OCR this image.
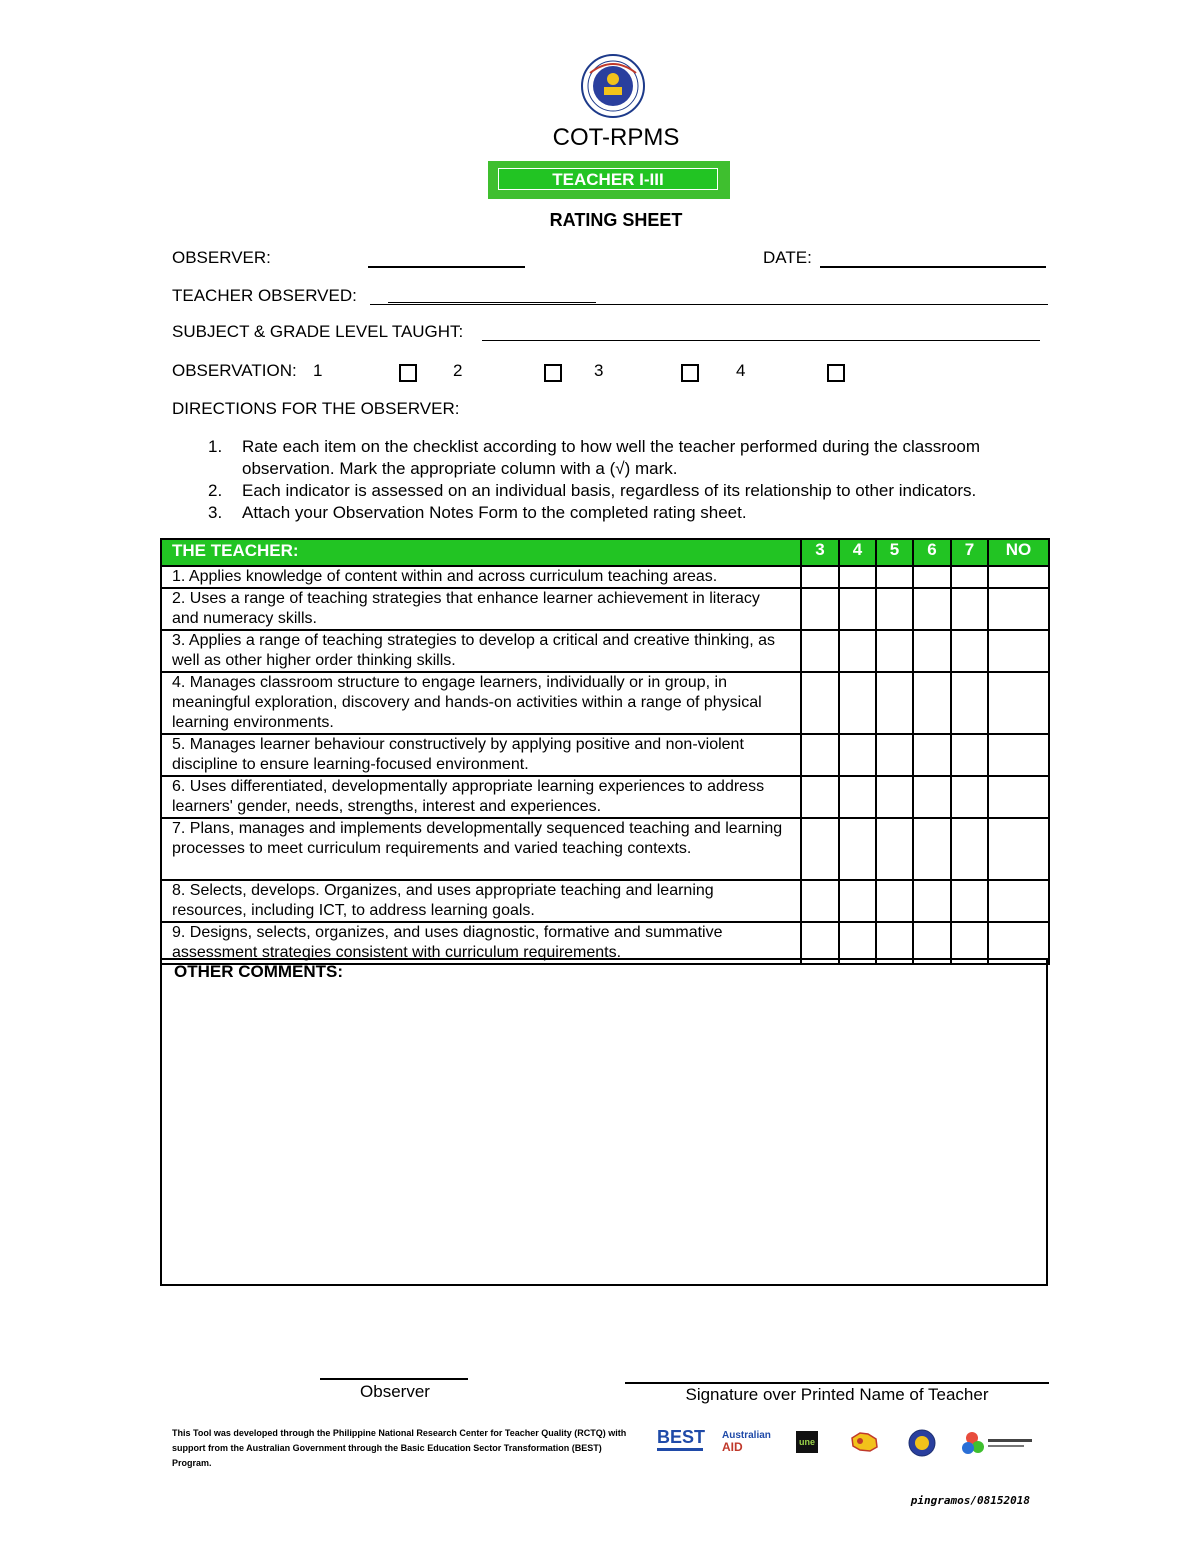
COT-RPMS
TEACHER I-III
RATING SHEET
OBSERVER:	DATE:
TEACHER OBSERVED:
SUBJECT & GRADE LEVEL TAUGHT:
OBSERVATION: 1	2	3	4
DIRECTIONS FOR THE OBSERVER:
1.	Rate each item on the checklist according to how well the teacher performed during the classroom observation. Mark the appropriate column with a (√) mark.
2.	Each indicator is assessed on an individual basis, regardless of its relationship to other indicators.
3.	Attach your Observation Notes Form to the completed rating sheet.
THE TEACHER:	3	4	5	6	7	NO
1. Applies knowledge of content within and across curriculum teaching areas.						
2. Uses a range of teaching strategies that enhance learner achievement in literacy and numeracy skills.						
3. Applies a range of teaching strategies to develop a critical and creative thinking, as well as other higher order thinking skills.						
4. Manages classroom structure to engage learners, individually or in group, in meaningful exploration, discovery and hands-on activities within a range of physical learning environments.						
5. Manages learner behaviour constructively by applying positive and non-violent discipline to ensure learning-focused environment.						
6. Uses differentiated, developmentally appropriate learning experiences to address learners' gender, needs, strengths, interest and experiences.						
7. Plans, manages and implements developmentally sequenced teaching and learning processes to meet curriculum requirements and varied teaching contexts.						
8. Selects, develops. Organizes, and uses appropriate teaching and learning resources, including ICT, to address learning goals.						
9. Designs, selects, organizes, and uses diagnostic, formative and summative assessment strategies consistent with curriculum requirements.						
OTHER COMMENTS:
Observer	Signature over Printed Name of Teacher
This Tool was developed through the Philippine National Research Center for Teacher Quality (RCTQ) with support from the Australian Government through the Basic Education Sector Transformation (BEST) Program.
BEST Australian
AID	une
pingramos/08152018
